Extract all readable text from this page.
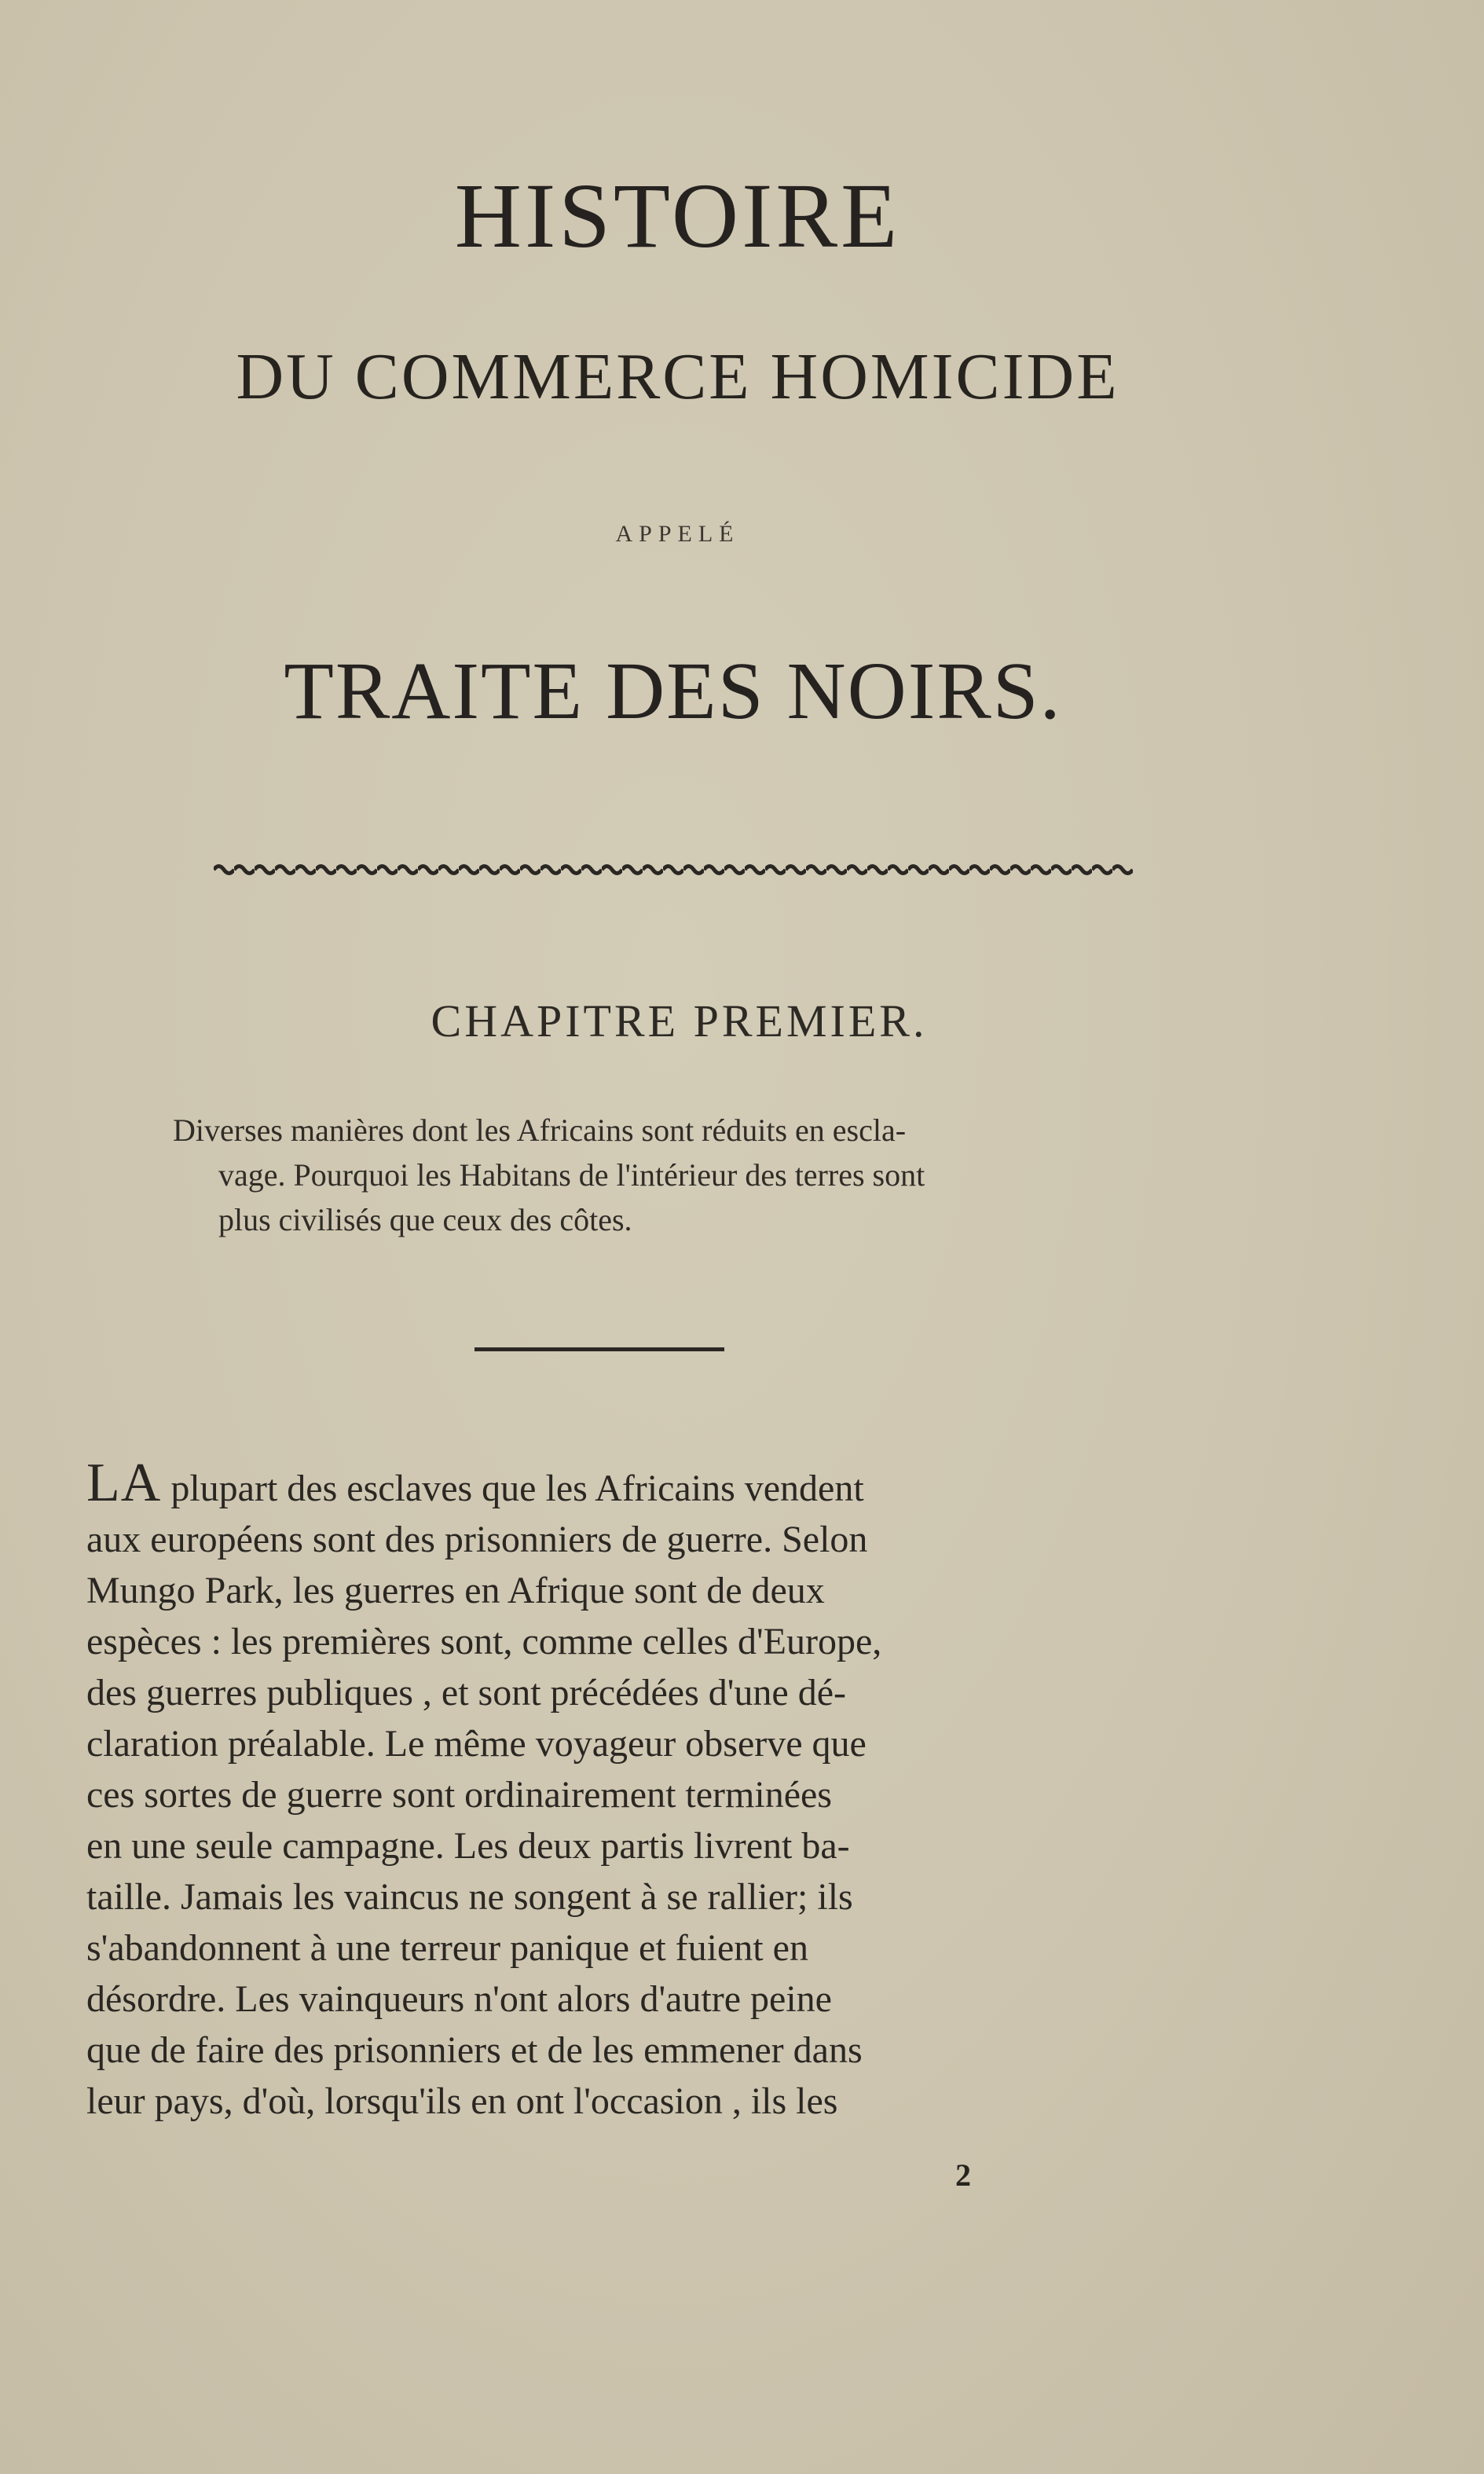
HISTOIRE
DU COMMERCE HOMICIDE
APPELÉ
TRAITE DES NOIRS.
CHAPITRE PREMIER.
Diverses manières dont les Africains sont réduits en escla-
vage. Pourquoi les Habitans de l'intérieur des terres sont
plus civilisés que ceux des côtes.
LA plupart des esclaves que les Africains vendent
aux européens sont des prisonniers de guerre. Selon
Mungo Park, les guerres en Afrique sont de deux
espèces : les premières sont, comme celles d'Europe,
des guerres publiques , et sont précédées d'une dé-
claration préalable. Le même voyageur observe que
ces sortes de guerre sont ordinairement terminées
en une seule campagne. Les deux partis livrent ba-
taille. Jamais les vaincus ne songent à se rallier; ils
s'abandonnent à une terreur panique et fuient en
désordre. Les vainqueurs n'ont alors d'autre peine
que de faire des prisonniers et de les emmener dans
leur pays, d'où, lorsqu'ils en ont l'occasion , ils les
2
